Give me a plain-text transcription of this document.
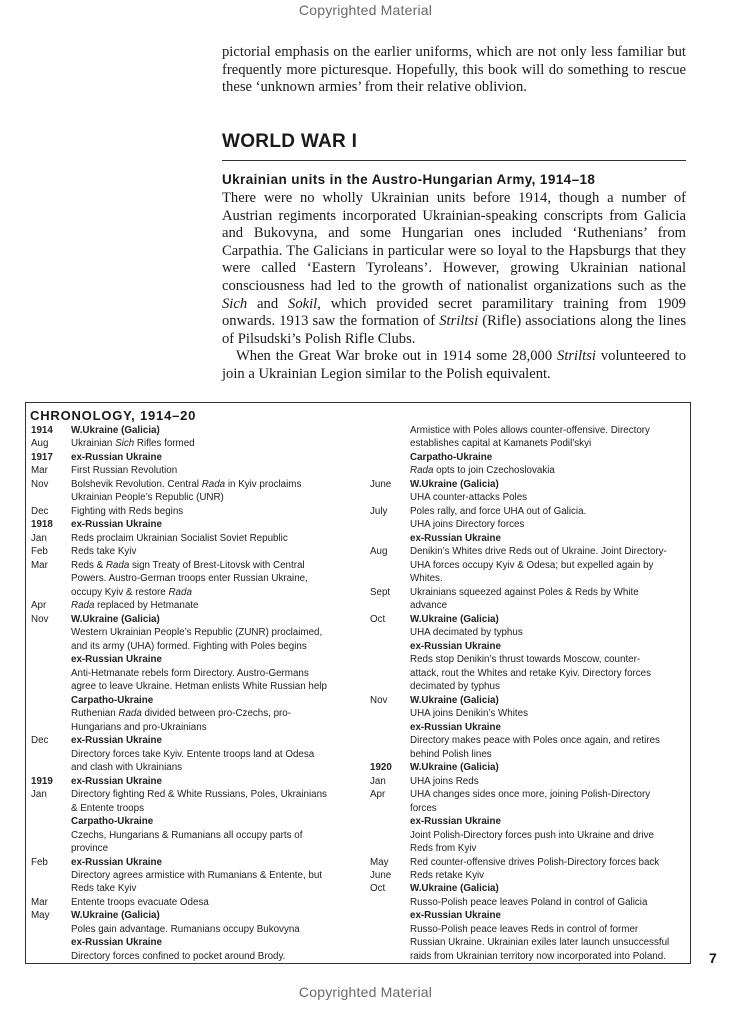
Copyrighted Material

pictorial emphasis on the earlier uniforms, which are not only less familiar but frequently more picturesque. Hopefully, this book will do something to rescue these ‘unknown armies’ from their relative oblivion.

WORLD WAR I
Ukrainian units in the Austro-Hungarian Army, 1914–18

There were no wholly Ukrainian units before 1914, though a number of Austrian regiments incorporated Ukrainian-speaking conscripts from Galicia and Bukovyna, and some Hungarian ones included ‘Ruthenians’ from Carpathia. The Galicians in particular were so loyal to the Hapsburgs that they were called ‘Eastern Tyroleans’. However, growing Ukrainian national consciousness had led to the growth of nationalist organizations such as the Sich and Sokil, which provided secret paramilitary training from 1909 onwards. 1913 saw the formation of Striltsi (Rifle) associations along the lines of Pilsudski’s Polish Rifle Clubs.

When the Great War broke out in 1914 some 28,000 Striltsi volunteered to join a Ukrainian Legion similar to the Polish equivalent.

CHRONOLOGY, 1914–20
1914	W.Ukraine (Galicia)
Aug	Ukrainian Sich Rifles formed
1917	ex-Russian Ukraine
Mar	First Russian Revolution
Nov	Bolshevik Revolution. Central Rada in Kyiv proclaims
Ukrainian People’s Republic (UNR)
Dec	Fighting with Reds begins
1918	ex-Russian Ukraine
Jan	Reds proclaim Ukrainian Socialist Soviet Republic
Feb	Reds take Kyiv
Mar	Reds & Rada sign Treaty of Brest-Litovsk with Central
Powers. Austro-German troops enter Russian Ukraine,
occupy Kyiv & restore Rada
Apr	Rada replaced by Hetmanate
Nov	W.Ukraine (Galicia)
Western Ukrainian People’s Republic (ZUNR) proclaimed,
and its army (UHA) formed. Fighting with Poles begins
ex-Russian Ukraine
Anti-Hetmanate rebels form Directory. Austro-Germans
agree to leave Ukraine. Hetman enlists White Russian help
Carpatho-Ukraine
Ruthenian Rada divided between pro-Czechs, pro-
Hungarians and pro-Ukrainians
Dec	ex-Russian Ukraine
Directory forces take Kyiv. Entente troops land at Odesa
and clash with Ukrainians
1919	ex-Russian Ukraine
Jan	Directory fighting Red & White Russians, Poles, Ukrainians
& Entente troops
Carpatho-Ukraine
Czechs, Hungarians & Rumanians all occupy parts of
province
Feb	ex-Russian Ukraine
Directory agrees armistice with Rumanians & Entente, but
Reds take Kyiv
Mar	Entente troops evacuate Odesa
May	W.Ukraine (Galicia)
Poles gain advantage. Rumanians occupy Bukovyna
ex-Russian Ukraine
Directory forces confined to pocket around Brody.
Armistice with Poles allows counter-offensive. Directory
establishes capital at Kamanets Podil’skyi
Carpatho-Ukraine
Rada opts to join Czechoslovakia
June	W.Ukraine (Galicia)
UHA counter-attacks Poles
July	Poles rally, and force UHA out of Galicia.
UHA joins Directory forces
ex-Russian Ukraine
Aug	Denikin’s Whites drive Reds out of Ukraine. Joint Directory-
UHA forces occupy Kyiv & Odesa; but expelled again by
Whites.
Sept	Ukrainians squeezed against Poles & Reds by White
advance
Oct	W.Ukraine (Galicia)
UHA decimated by typhus
ex-Russian Ukraine
Reds stop Denikin’s thrust towards Moscow, counter-
attack, rout the Whites and retake Kyiv. Directory forces
decimated by typhus
Nov	W.Ukraine (Galicia)
UHA joins Denikin’s Whites
ex-Russian Ukraine
Directory makes peace with Poles once again, and retires
behind Polish lines
1920	W.Ukraine (Galicia)
Jan	UHA joins Reds
Apr	UHA changes sides once more, joining Polish-Directory
forces
ex-Russian Ukraine
Joint Polish-Directory forces push into Ukraine and drive
Reds from Kyiv
May	Red counter-offensive drives Polish-Directory forces back
June	Reds retake Kyiv
Oct	W.Ukraine (Galicia)
Russo-Polish peace leaves Poland in control of Galicia
ex-Russian Ukraine
Russo-Polish peace leaves Reds in control of former
Russian Ukraine. Ukrainian exiles later launch unsuccessful
raids from Ukrainian territory now incorporated into Poland.	7
Copyrighted Material
